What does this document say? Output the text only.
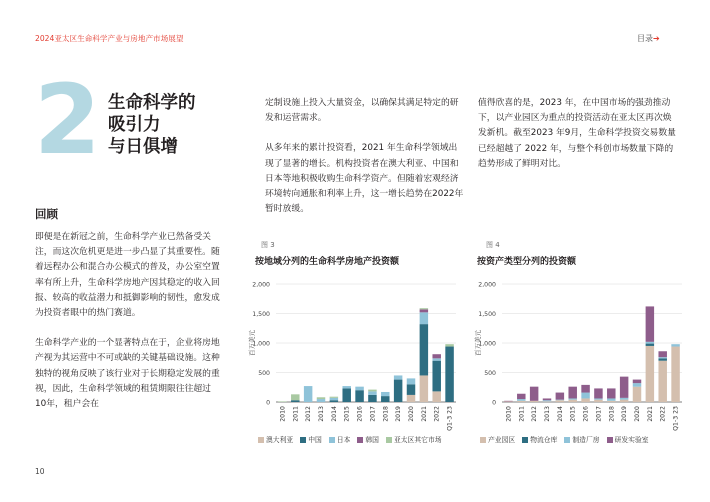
2024亚太区生命科学产业与房地产市场展望	目录➔
2 生命科学的
吸引力
与日俱增
回顾

即便是在新冠之前，生命科学产业已然备受关注，而这次危机更是进一步凸显了其重要性。随着远程办公和混合办公模式的普及，办公室空置率有所上升，生命科学房地产因其稳定的收入回报、较高的收益潜力和抵御影响的韧性，愈发成为投资者眼中的热门赛道。

生命科学产业的一个显著特点在于，企业将房地产视为其运营中不可或缺的关键基础设施。这种独特的视角反映了该行业对于长期稳定发展的重视，因此，生命科学领域的租赁期限往往超过10年，租户会在

定制设施上投入大量资金，以确保其满足特定的研发和运营需求。

从多年来的累计投资看，2021 年生命科学领域出现了显著的增长。机构投资者在澳大利亚、中国和日本等地积极收购生命科学资产。但随着宏观经济环境转向通胀和利率上升，这一增长趋势在2022年暂时放缓。

值得欣喜的是，2023 年，在中国市场的强劲推动下，以产业园区为重点的投资活动在亚太区再次焕发新机。截至2023 年9月，生命科学投资交易数量已经超越了 2022 年，与整个科创市场数量下降的趋势形成了鲜明对比。

图 3
按地域分列的生命科学房地产投资额
图 4
按资产类型分列的投资额
0
500
1,000
1,500
2,000
百万美元
2010 2011 2012 2013 2014 2015 2016 2017 2018 2019 2020 2021 2022 Q1-3 23
0
500
1,000
1,500
2,000
百万美元
2010 2011 2012 2013 2014 2015 2016 2017 2018 2019 2020 2021 2022 Q1-3 23
澳大利亚	中国	日本	韩国	亚太区其它市场	产业园区	物流仓库	制造厂房	研发实验室
10
